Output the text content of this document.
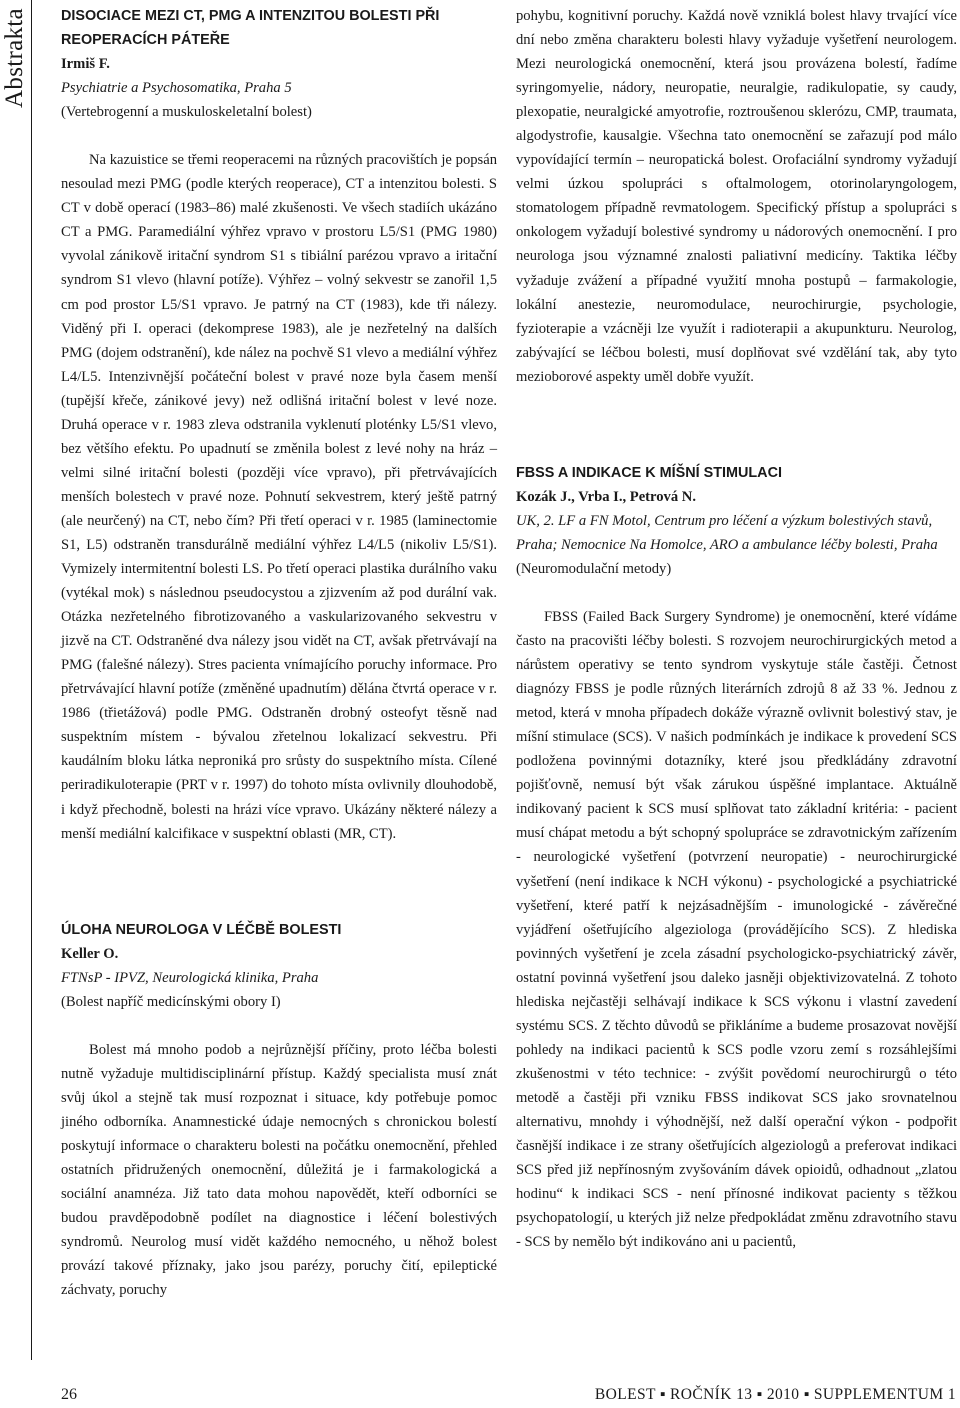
Abstrakta DISOCIACE MEZI CT, PMG A INTENZITOU BOLESTI PŘI REOPERACÍCH PÁTEŘE

Irmiš F.

Psychiatrie a Psychosomatika, Praha 5

(Vertebrogenní a muskuloskeletalní bolest)

Na kazuistice se třemi reoperacemi na různých pracovištích je popsán nesoulad mezi PMG (podle kterých reoperace), CT a intenzitou bolesti. S CT v době operací (1983–86) malé zkušenosti. Ve všech stadiích ukázáno CT a PMG. Paramediální výhřez vpravo v prostoru L5/S1 (PMG 1980) vyvolal zánikově iritační syndrom S1 s tibiální parézou vpravo a iritační syndrom S1 vlevo (hlavní potíže). Výhřez – volný sekvestr se zanořil 1,5 cm pod prostor L5/S1 vpravo. Je patrný na CT (1983), kde tři nálezy. Viděný při I. operaci (dekomprese 1983), ale je nezřetelný na dalších PMG (dojem odstranění), kde nález na pochvě S1 vlevo a mediální výhřez L4/L5. Intenzivnější počáteční bolest v pravé noze byla časem menší (tupější křeče, zánikové jevy) než odlišná iritační bolest v levé noze. Druhá operace v r. 1983 zleva odstranila vyklenutí ploténky L5/S1 vlevo, bez většího efektu. Po upadnutí se změnila bolest z levé nohy na hráz – velmi silné iritační bolesti (později více vpravo), při přetrvávajících menších bolestech v pravé noze. Pohnutí sekvestrem, který ještě patrný (ale neurčený) na CT, nebo čím? Při třetí operaci v r. 1985 (laminectomie S1, L5) odstraněn transdurálně mediální výhřez L4/L5 (nikoliv L5/S1). Vymizely intermitentní bolesti LS. Po třetí operaci plastika durálního vaku (vytékal mok) s následnou pseudocystou a zjizvením až pod durální vak. Otázka nezřetelného fibrotizovaného a vaskularizovaného sekvestru v jizvě na CT. Odstraněné dva nálezy jsou vidět na CT, avšak přetrvávají na PMG (falešné nálezy). Stres pacienta vnímajícího poruchy informace. Pro přetrvávající hlavní potíže (změněné upadnutím) dělána čtvrtá operace v r. 1986 (třietážová) podle PMG. Odstraněn drobný osteofyt těsně nad suspektním místem - bývalou zřetelnou lokalizací sekvestru. Při kaudálním bloku látka neproniká pro srůsty do suspektního místa. Cílené periradikuloterapie (PRT v r. 1997) do tohoto místa ovlivnily dlouhodobě, i když přechodně, bolesti na hrázi více vpravo. Ukázány některé nálezy a menší mediální kalcifikace v suspektní oblasti (MR, CT).

ÚLOHA NEUROLOGA V LÉČBĚ BOLESTI

Keller O.

FTNsP - IPVZ, Neurologická klinika, Praha

(Bolest napříč medicínskými obory I)

Bolest má mnoho podob a nejrůznější příčiny, proto léčba bolesti nutně vyžaduje multidisciplinární přístup. Každý specialista musí znát svůj úkol a stejně tak musí rozpoznat i situace, kdy potřebuje pomoc jiného odborníka. Anamnestické údaje nemocných s chronickou bolestí poskytují informace o charakteru bolesti na počátku onemocnění, přehled ostatních přidružených onemocnění, důležitá je i farmakologická a sociální anamnéza. Již tato data mohou napovědět, kteří odborníci se budou pravděpodobně podílet na diagnostice i léčení bolestivých syndromů. Neurolog musí vidět každého nemocného, u něhož bolest provází takové příznaky, jako jsou parézy, poruchy čití, epileptické záchvaty, poruchy

pohybu, kognitivní poruchy. Každá nově vzniklá bolest hlavy trvající více dní nebo změna charakteru bolesti hlavy vyžaduje vyšetření neurologem. Mezi neurologická onemocnění, která jsou provázena bolestí, řadíme syringomyelie, nádory, neuropatie, neuralgie, radikulopatie, sy caudy, plexopatie, neuralgické amyotrofie, roztroušenou sklerózu, CMP, traumata, algodystrofie, kausalgie. Všechna tato onemocnění se zařazují pod málo vypovídající termín – neuropatická bolest. Orofaciální syndromy vyžadují velmi úzkou spolupráci s oftalmologem, otorinolaryngologem, stomatologem případně revmatologem. Specifický přístup a spolupráci s onkologem vyžadují bolestivé syndromy u nádorových onemocnění. I pro neurologa jsou významné znalosti paliativní medicíny. Taktika léčby vyžaduje zvážení a případné využití mnoha postupů – farmakologie, lokální anestezie, neuromodulace, neurochirurgie, psychologie, fyzioterapie a vzácněji lze využít i radioterapii a akupunkturu. Neurolog, zabývající se léčbou bolesti, musí doplňovat své vzdělání tak, aby tyto mezioborové aspekty uměl dobře využít.

FBSS A INDIKACE K MÍŠNÍ STIMULACI

Kozák J., Vrba I., Petrová N.

UK, 2. LF a FN Motol, Centrum pro léčení a výzkum bolestivých stavů, Praha; Nemocnice Na Homolce, ARO a ambulance léčby bolesti, Praha

(Neuromodulační metody)

FBSS (Failed Back Surgery Syndrome) je onemocnění, které vídáme často na pracovišti léčby bolesti. S rozvojem neurochirurgických metod a nárůstem operativy se tento syndrom vyskytuje stále častěji. Četnost diagnózy FBSS je podle různých literárních zdrojů 8 až 33 %. Jednou z metod, která v mnoha případech dokáže výrazně ovlivnit bolestivý stav, je míšní stimulace (SCS). V našich podmínkách je indikace k provedení SCS podložena povinnými dotazníky, které jsou předkládány zdravotní pojišťovně, nemusí být však zárukou úspěšné implantace. Aktuálně indikovaný pacient k SCS musí splňovat tato základní kritéria: - pacient musí chápat metodu a být schopný spolupráce se zdravotnickým zařízením - neurologické vyšetření (potvrzení neuropatie) - neurochirurgické vyšetření (není indikace k NCH výkonu) - psychologické a psychiatrické vyšetření, které patří k nejzásadnějším - imunologické - závěrečné vyjádření ošetřujícího algeziologa (provádějícího SCS). Z hlediska povinných vyšetření je zcela zásadní psychologicko-psychiatrický závěr, ostatní povinná vyšetření jsou daleko jasněji objektivizovatelná. Z tohoto hlediska nejčastěji selhávají indikace k SCS výkonu i vlastní zavedení systému SCS. Z těchto důvodů se přikláníme a budeme prosazovat novější pohledy na indikaci pacientů k SCS podle vzoru zemí s rozsáhlejšími zkušenostmi v této technice: - zvýšit povědomí neurochirurgů o této metodě a častěji při vzniku FBSS indikovat SCS jako srovnatelnou alternativu, mnohdy i výhodnější, než další operační výkon - podpořit časnější indikace i ze strany ošetřujících algeziologů a preferovat indikaci SCS před již nepřínosným zvyšováním dávek opioidů, odhadnout „zlatou hodinu“ k indikaci SCS - není přínosné indikovat pacienty s těžkou psychopatologií, u kterých již nelze předpokládat změnu zdravotního stavu - SCS by nemělo být indikováno ani u pacientů,

26	BOLEST ▪ ROČNÍK 13 ▪ 2010 ▪ SUPPLEMENTUM 1
